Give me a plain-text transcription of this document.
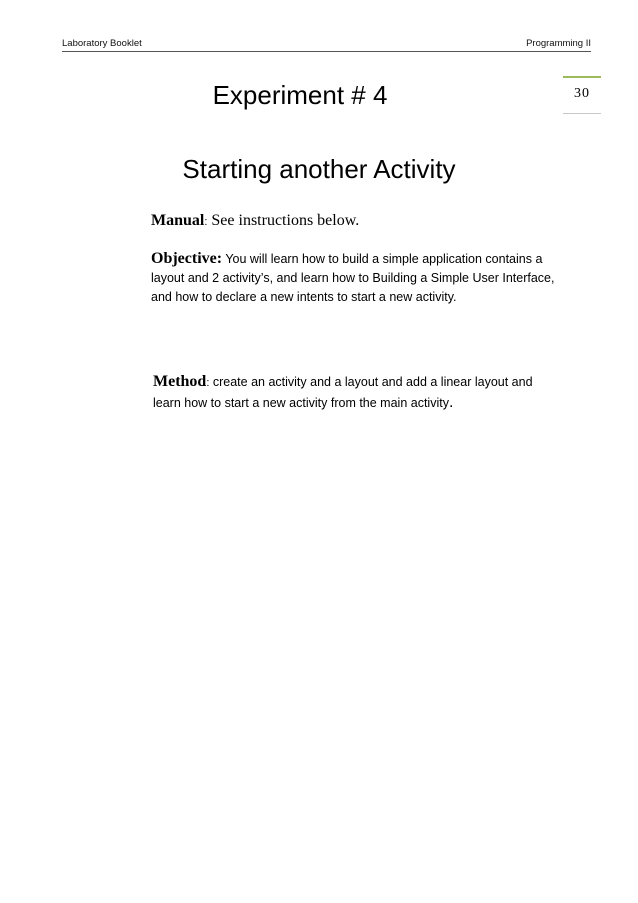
Laboratory Booklet	Programming II
30
Experiment # 4
Starting another Activity
Manual: See instructions below.
Objective: You will learn how to build a simple application contains a layout and 2 activity’s, and learn how to Building a Simple User Interface, and how to declare a new intents to start a new activity.
Method: create an activity and a layout and add a linear layout and learn how to start a new activity from the main activity.
